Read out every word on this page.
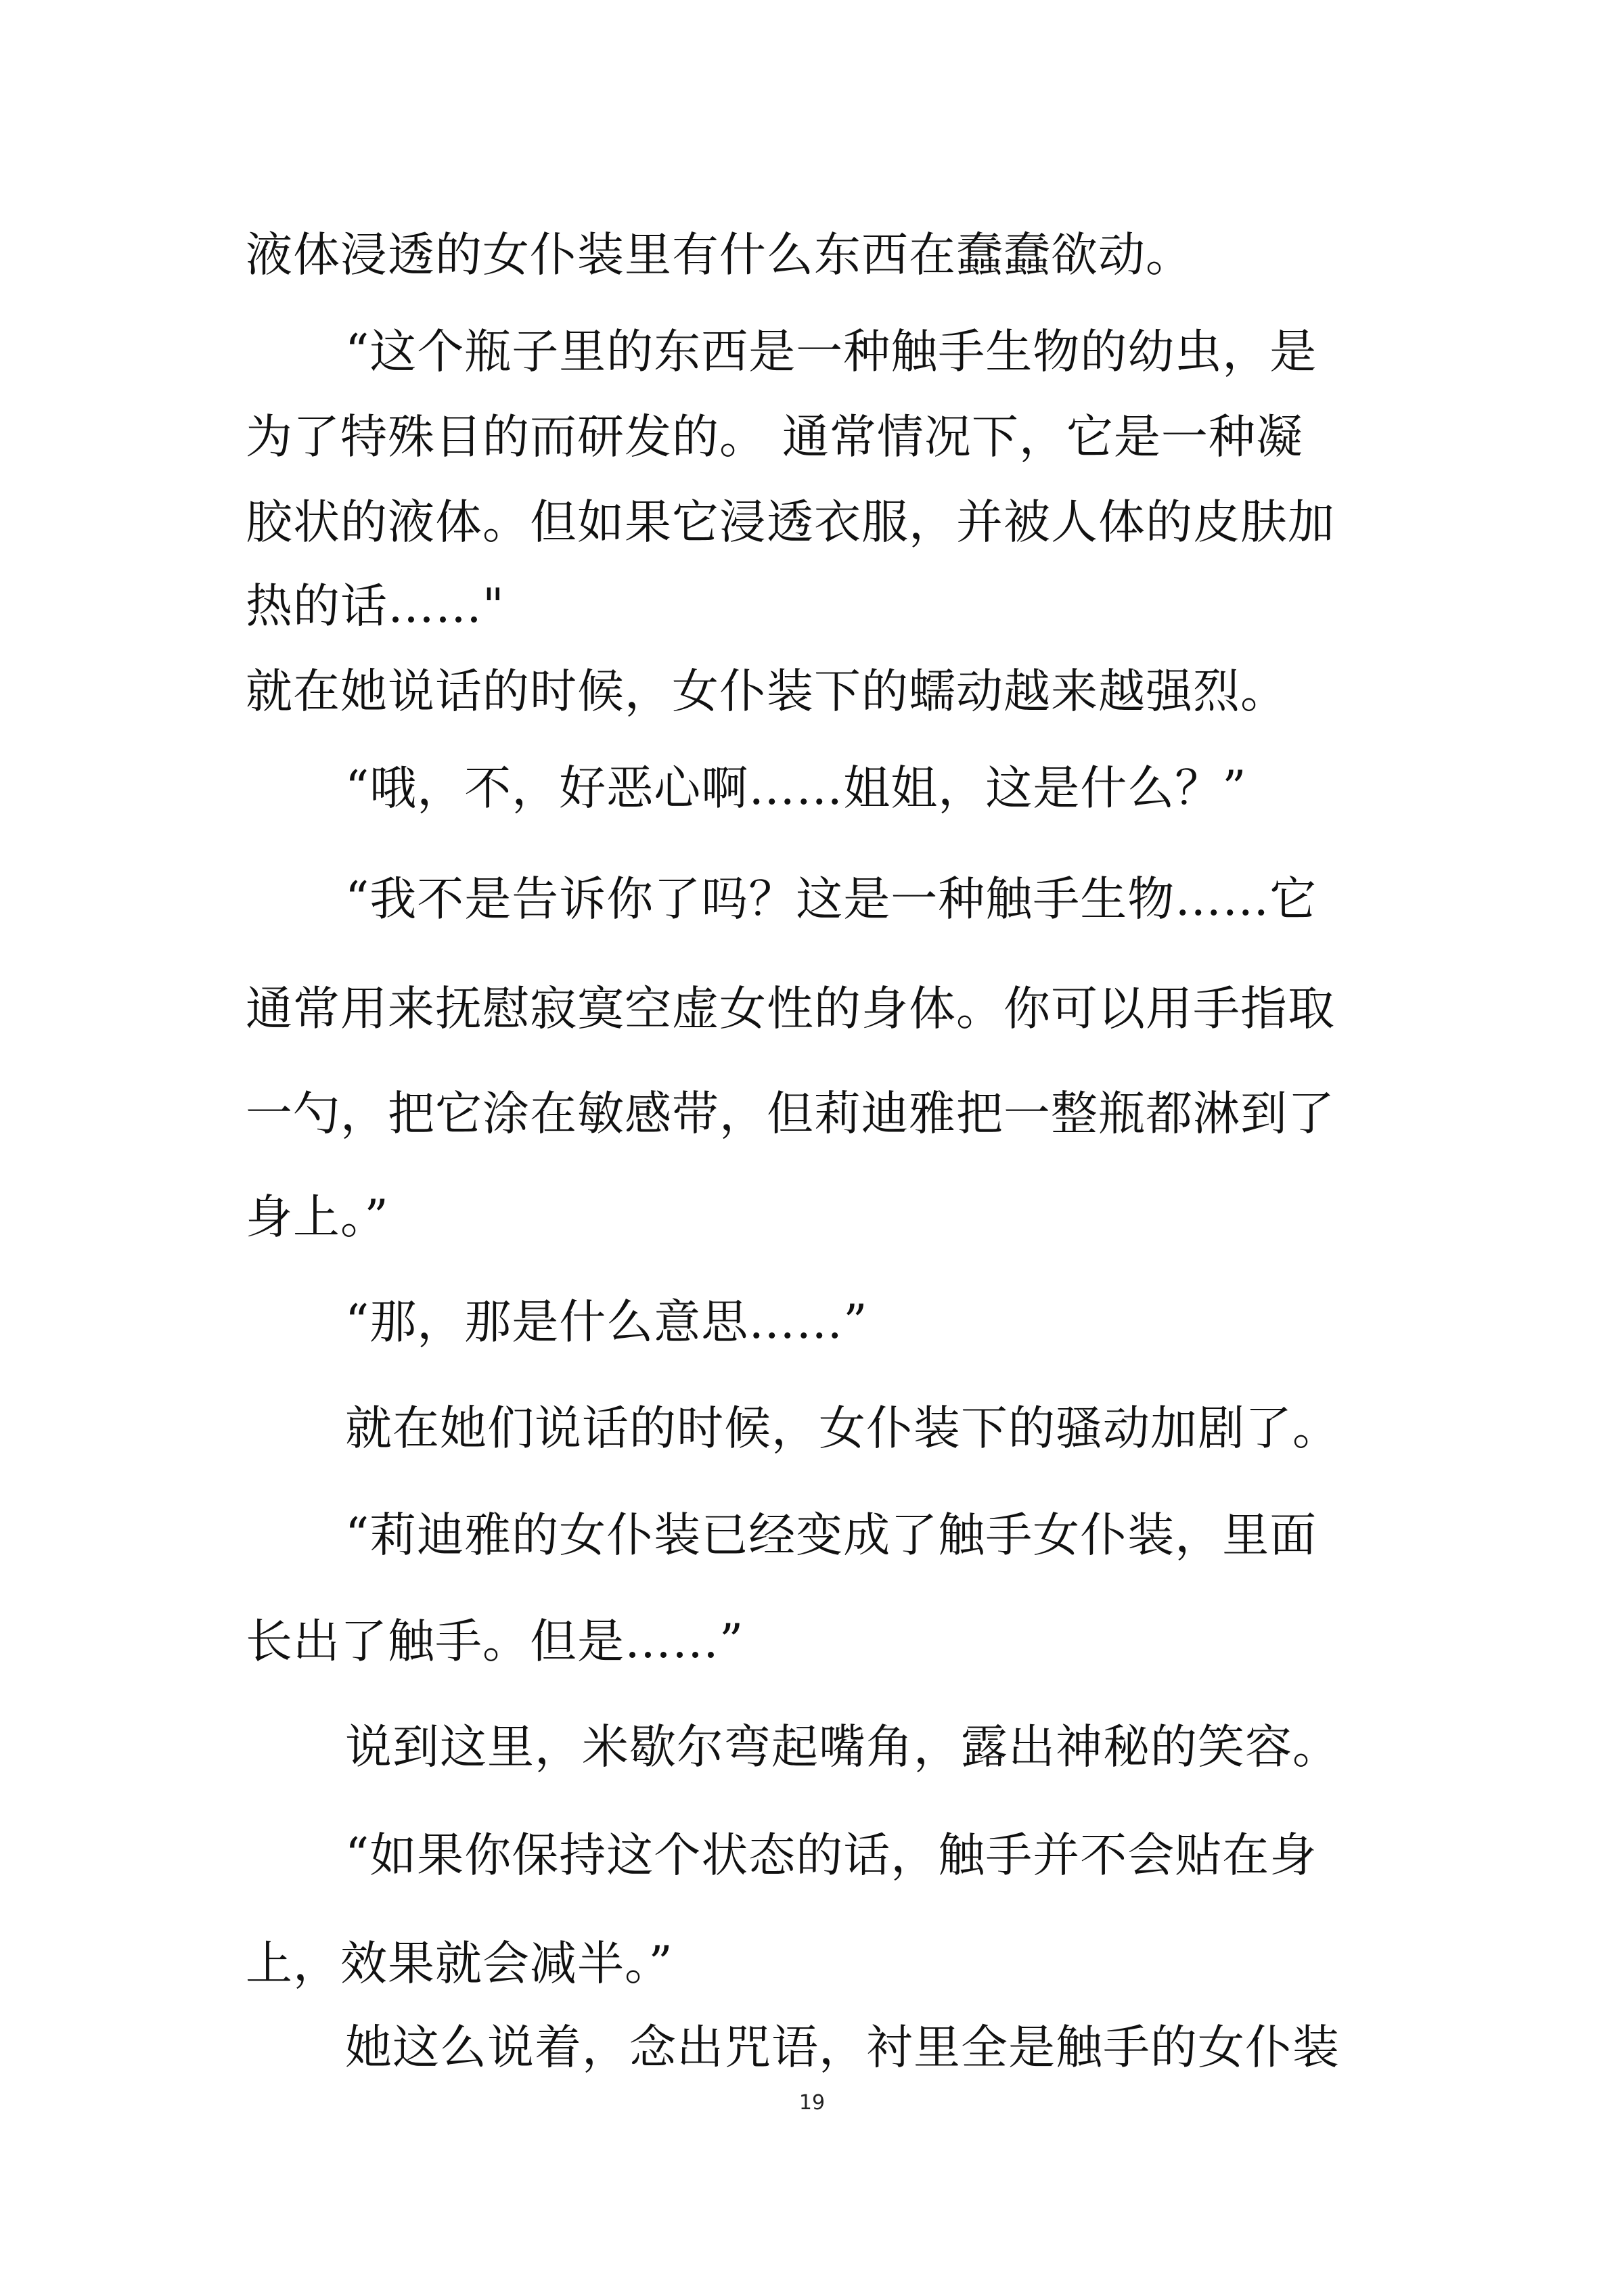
液体浸透的女仆装里有什么东西在蠢蠢欲动。
“这个瓶子里的东西是一种触手生物的幼虫，是
为了特殊目的而研发的。 通常情况下，它是一种凝
胶状的液体。但如果它浸透衣服，并被人体的皮肤加
热的话……"
就在她说话的时候，女仆装下的蠕动越来越强烈。
“哦，不，好恶心啊……姐姐，这是什么？”
“我不是告诉你了吗？这是一种触手生物……它
通常用来抚慰寂寞空虚女性的身体。你可以用手指取
一勺，把它涂在敏感带，但莉迪雅把一整瓶都淋到了
身上。”
“那，那是什么意思……”
就在她们说话的时候，女仆装下的骚动加剧了。
“莉迪雅的女仆装已经变成了触手女仆装，里面
长出了触手。但是……”
说到这里，米歇尔弯起嘴角，露出神秘的笑容。
“如果你保持这个状态的话，触手并不会贴在身
上，效果就会减半。”
她这么说着，念出咒语，衬里全是触手的女仆装
19
